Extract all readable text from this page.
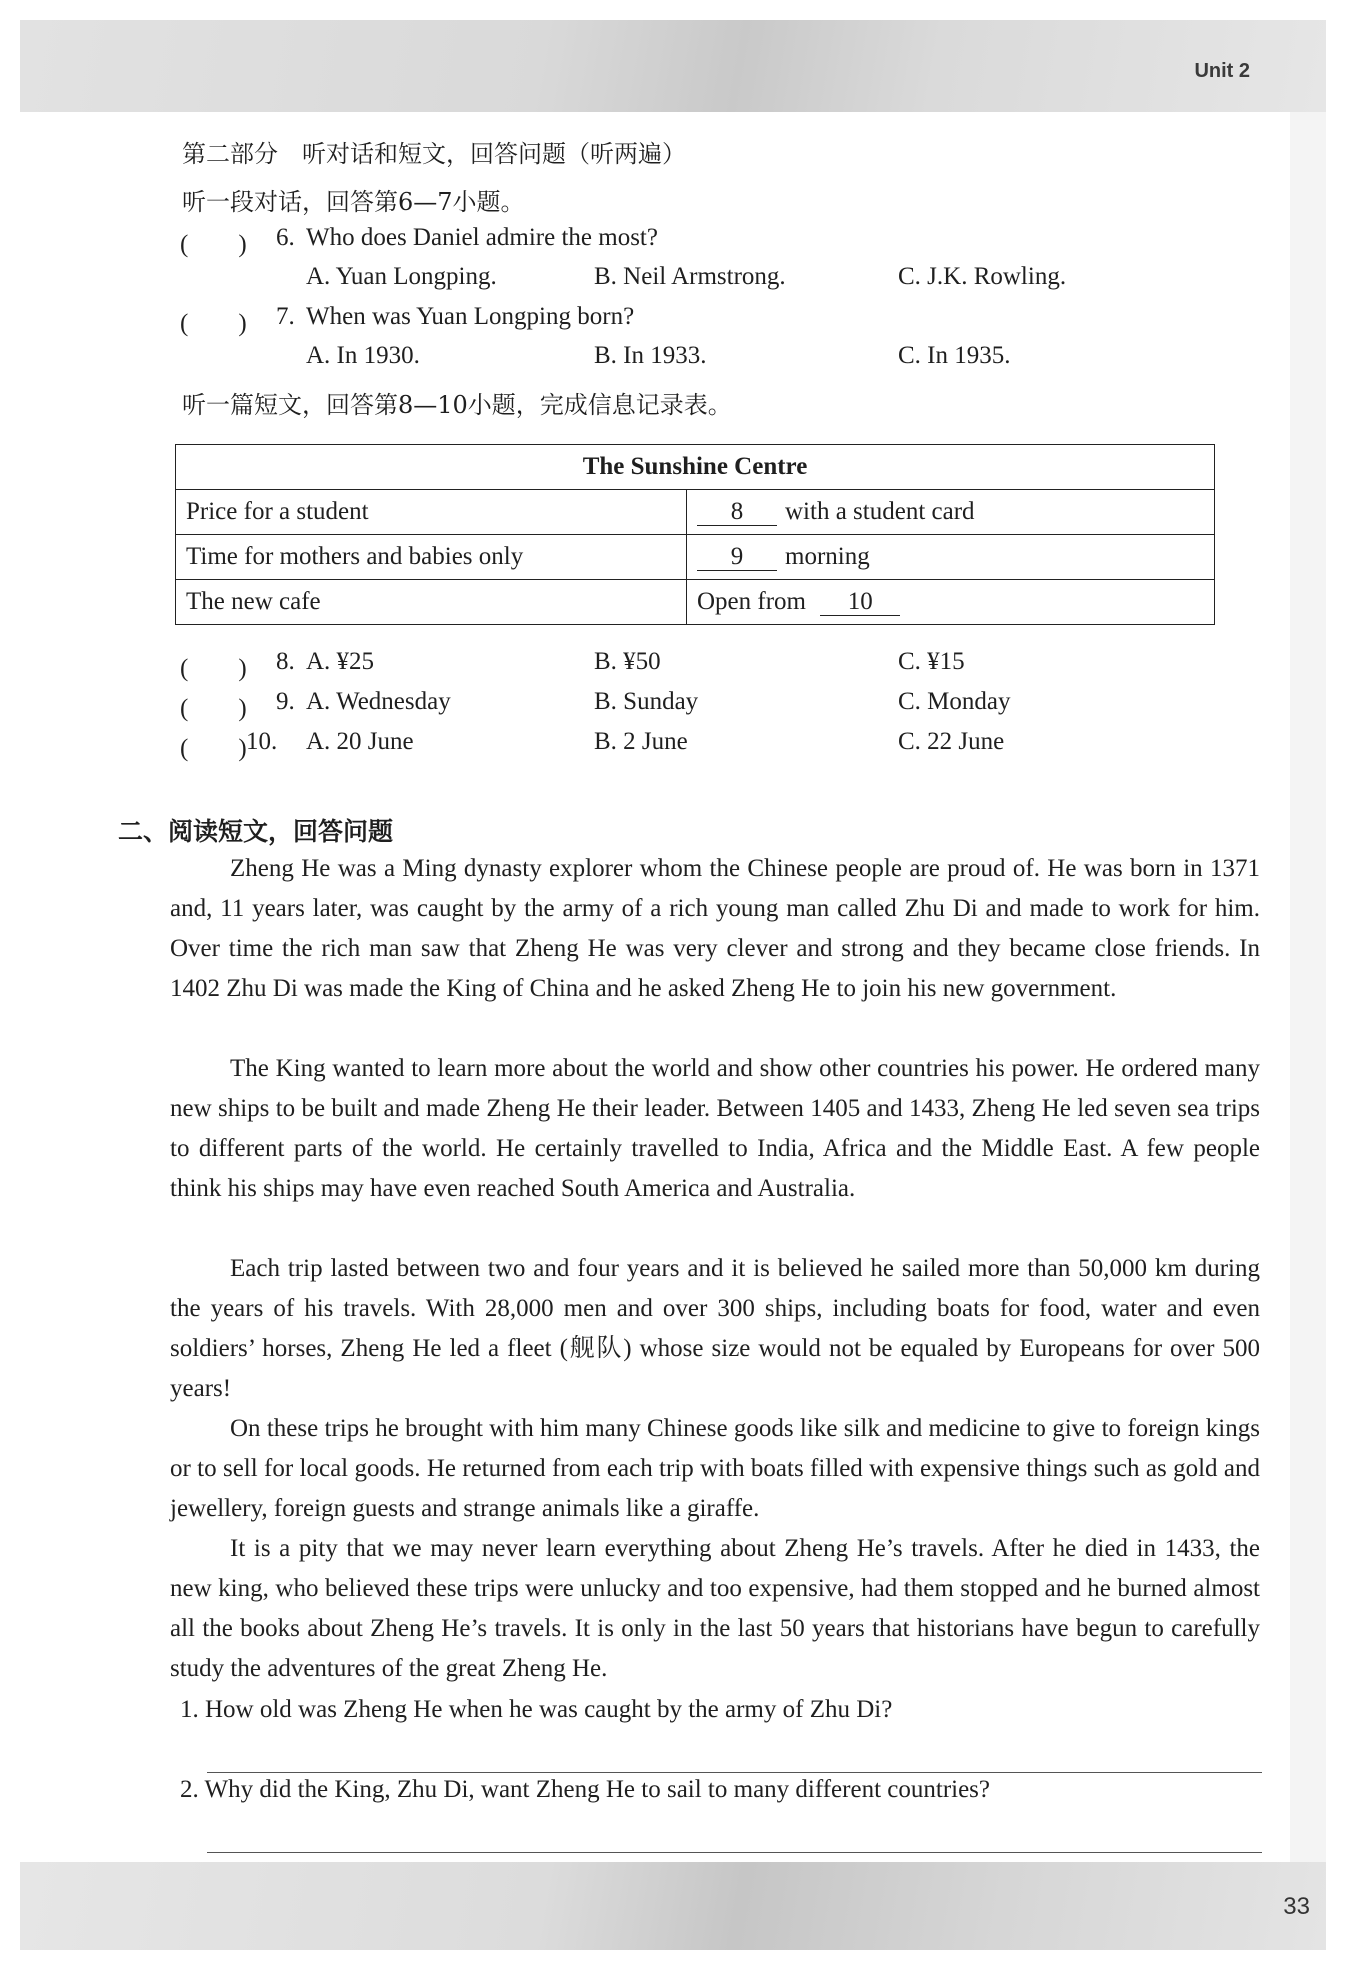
Unit 2
第二部分　听对话和短文，回答问题（听两遍）
听一段对话，回答第6—7小题。
(　　) 6. Who does Daniel admire the most?
A. Yuan Longping.	B. Neil Armstrong.	C. J.K. Rowling.
(　　) 7. When was Yuan Longping born?
A. In 1930.	B. In 1933.	C. In 1935.
听一篇短文，回答第8—10小题，完成信息记录表。
The Sunshine Centre	
Price for a student	8 with a student card
Time for mothers and babies only	9 morning
The new cafe	Open from 10
(　　) 8. A. ¥25	B. ¥50	C. ¥15
(　　) 9. A. Wednesday	B. Sunday	C. Monday
(　　) 10. A. 20 June	B. 2 June	C. 22 June
二、阅读短文，回答问题
Zheng He was a Ming dynasty explorer whom the Chinese people are proud of. He was born in 1371 and, 11 years later, was caught by the army of a rich young man called Zhu Di and made to work for him. Over time the rich man saw that Zheng He was very clever and strong and they became close friends. In 1402 Zhu Di was made the King of China and he asked Zheng He to join his new government.
The King wanted to learn more about the world and show other countries his power. He ordered many new ships to be built and made Zheng He their leader. Between 1405 and 1433, Zheng He led seven sea trips to different parts of the world. He certainly travelled to India, Africa and the Middle East. A few people think his ships may have even reached South America and Australia.
Each trip lasted between two and four years and it is believed he sailed more than 50,000 km during the years of his travels. With 28,000 men and over 300 ships, including boats for food, water and even soldiers’ horses, Zheng He led a fleet (舰队) whose size would not be equaled by Europeans for over 500 years!
On these trips he brought with him many Chinese goods like silk and medicine to give to foreign kings or to sell for local goods. He returned from each trip with boats filled with expensive things such as gold and jewellery, foreign guests and strange animals like a giraffe.
It is a pity that we may never learn everything about Zheng He’s travels. After he died in 1433, the new king, who believed these trips were unlucky and too expensive, had them stopped and he burned almost all the books about Zheng He’s travels. It is only in the last 50 years that historians have begun to carefully study the adventures of the great Zheng He.
1. How old was Zheng He when he was caught by the army of Zhu Di?
2. Why did the King, Zhu Di, want Zheng He to sail to many different countries?
33
